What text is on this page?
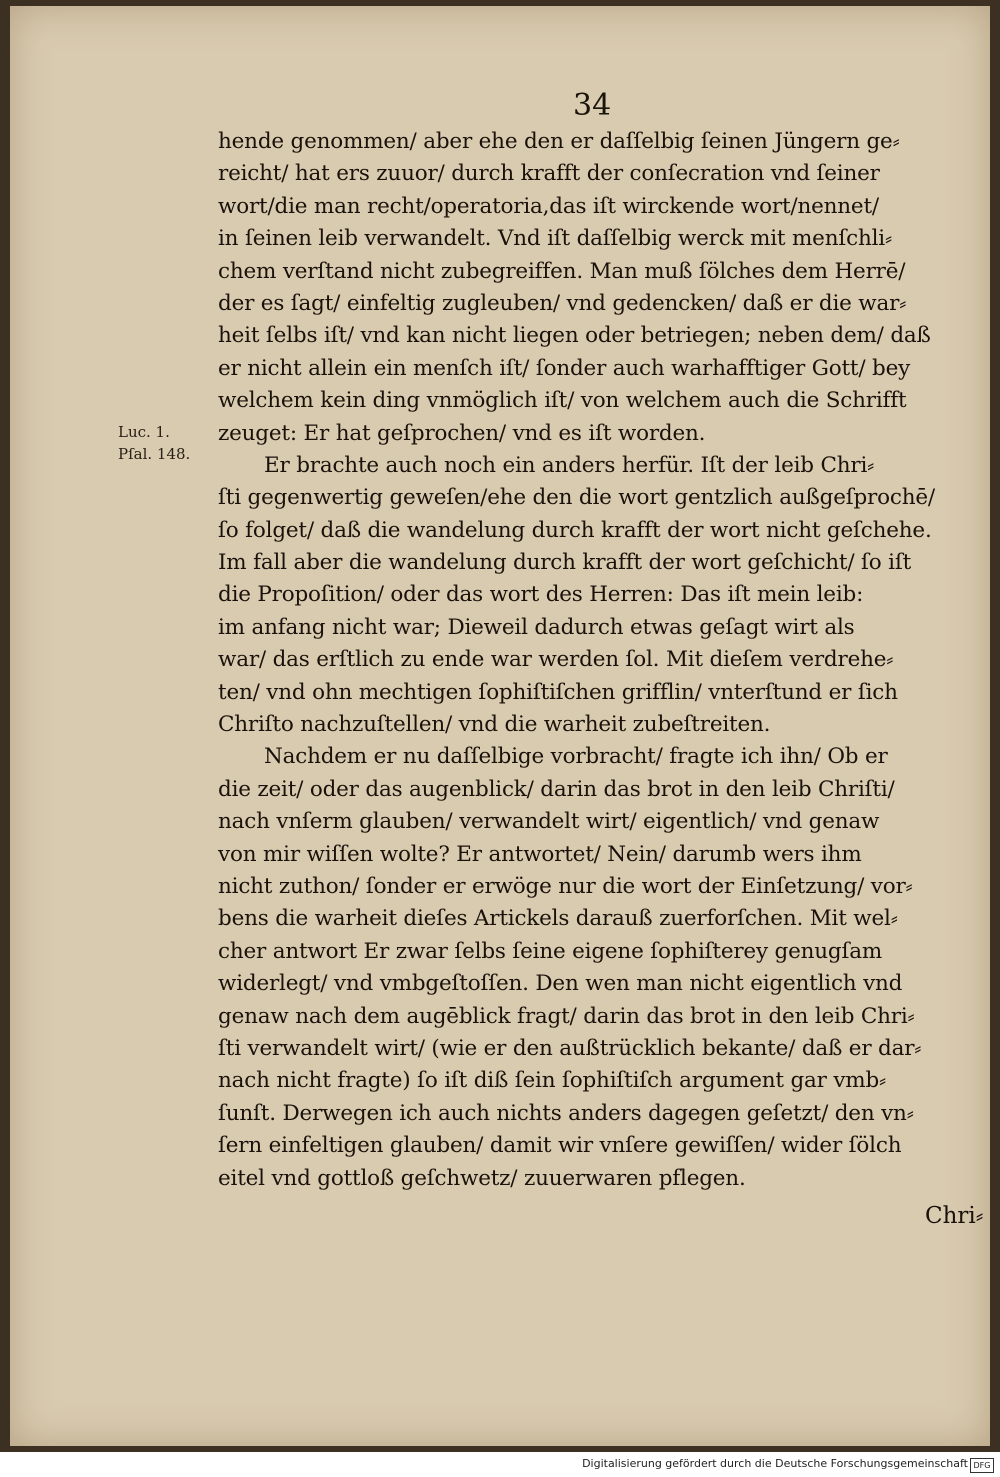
34
Luc. 1.
Pſal. 148.
hende genommen/ aber ehe den er daſſelbig ſeinen Jüngern ge⸗
reicht/ hat ers zuuor/ durch krafft der conſecration vnd ſeiner
wort/die man recht/operatoria,das iſt wirckende wort/nennet/
in ſeinen leib verwandelt. Vnd iſt daſſelbig werck mit menſchli⸗
chem verſtand nicht zubegreiffen. Man muß ſölches dem Herrē/
der es ſagt/ einfeltig zugleuben/ vnd gedencken/ daß er die war⸗
heit ſelbs iſt/ vnd kan nicht liegen oder betriegen; neben dem/ daß
er nicht allein ein menſch iſt/ ſonder auch warhafftiger Gott/ bey
welchem kein ding vnmöglich iſt/ von welchem auch die Schrifft
zeuget: Er hat geſprochen/ vnd es iſt worden.
Er brachte auch noch ein anders herfür. Iſt der leib Chri⸗
ſti gegenwertig geweſen/ehe den die wort gentzlich außgeſprochē/
ſo folget/ daß die wandelung durch krafft der wort nicht geſchehe.
Im fall aber die wandelung durch krafft der wort geſchicht/ ſo iſt
die Propoſition/ oder das wort des Herren: Das iſt mein leib:
im anfang nicht war; Dieweil dadurch etwas geſagt wirt als
war/ das erſtlich zu ende war werden ſol. Mit dieſem verdrehe⸗
ten/ vnd ohn mechtigen ſophiſtiſchen grifflin/ vnterſtund er ſich
Chriſto nachzuſtellen/ vnd die warheit zubeſtreiten.
Nachdem er nu daſſelbige vorbracht/ fragte ich ihn/ Ob er
die zeit/ oder das augenblick/ darin das brot in den leib Chriſti/
nach vnſerm glauben/ verwandelt wirt/ eigentlich/ vnd genaw
von mir wiſſen wolte? Er antwortet/ Nein/ darumb wers ihm
nicht zuthon/ ſonder er erwöge nur die wort der Einſetzung/ vor⸗
bens die warheit dieſes Artickels darauß zuerforſchen. Mit wel⸗
cher antwort Er zwar ſelbs ſeine eigene ſophiſterey genugſam
widerlegt/ vnd vmbgeſtoſſen. Den wen man nicht eigentlich vnd
genaw nach dem augēblick fragt/ darin das brot in den leib Chri⸗
ſti verwandelt wirt/ (wie er den außtrücklich bekante/ daß er dar⸗
nach nicht fragte) ſo iſt diß ſein ſophiſtiſch argument gar vmb⸗
ſunſt. Derwegen ich auch nichts anders dagegen geſetzt/ den vn⸗
ſern einfeltigen glauben/ damit wir vnſere gewiſſen/ wider ſölch
eitel vnd gottloß geſchwetz/ zuuerwaren pflegen.
Chri⸗
Digitalisierung gefördert durch die Deutsche Forschungsgemeinschaft DFG
